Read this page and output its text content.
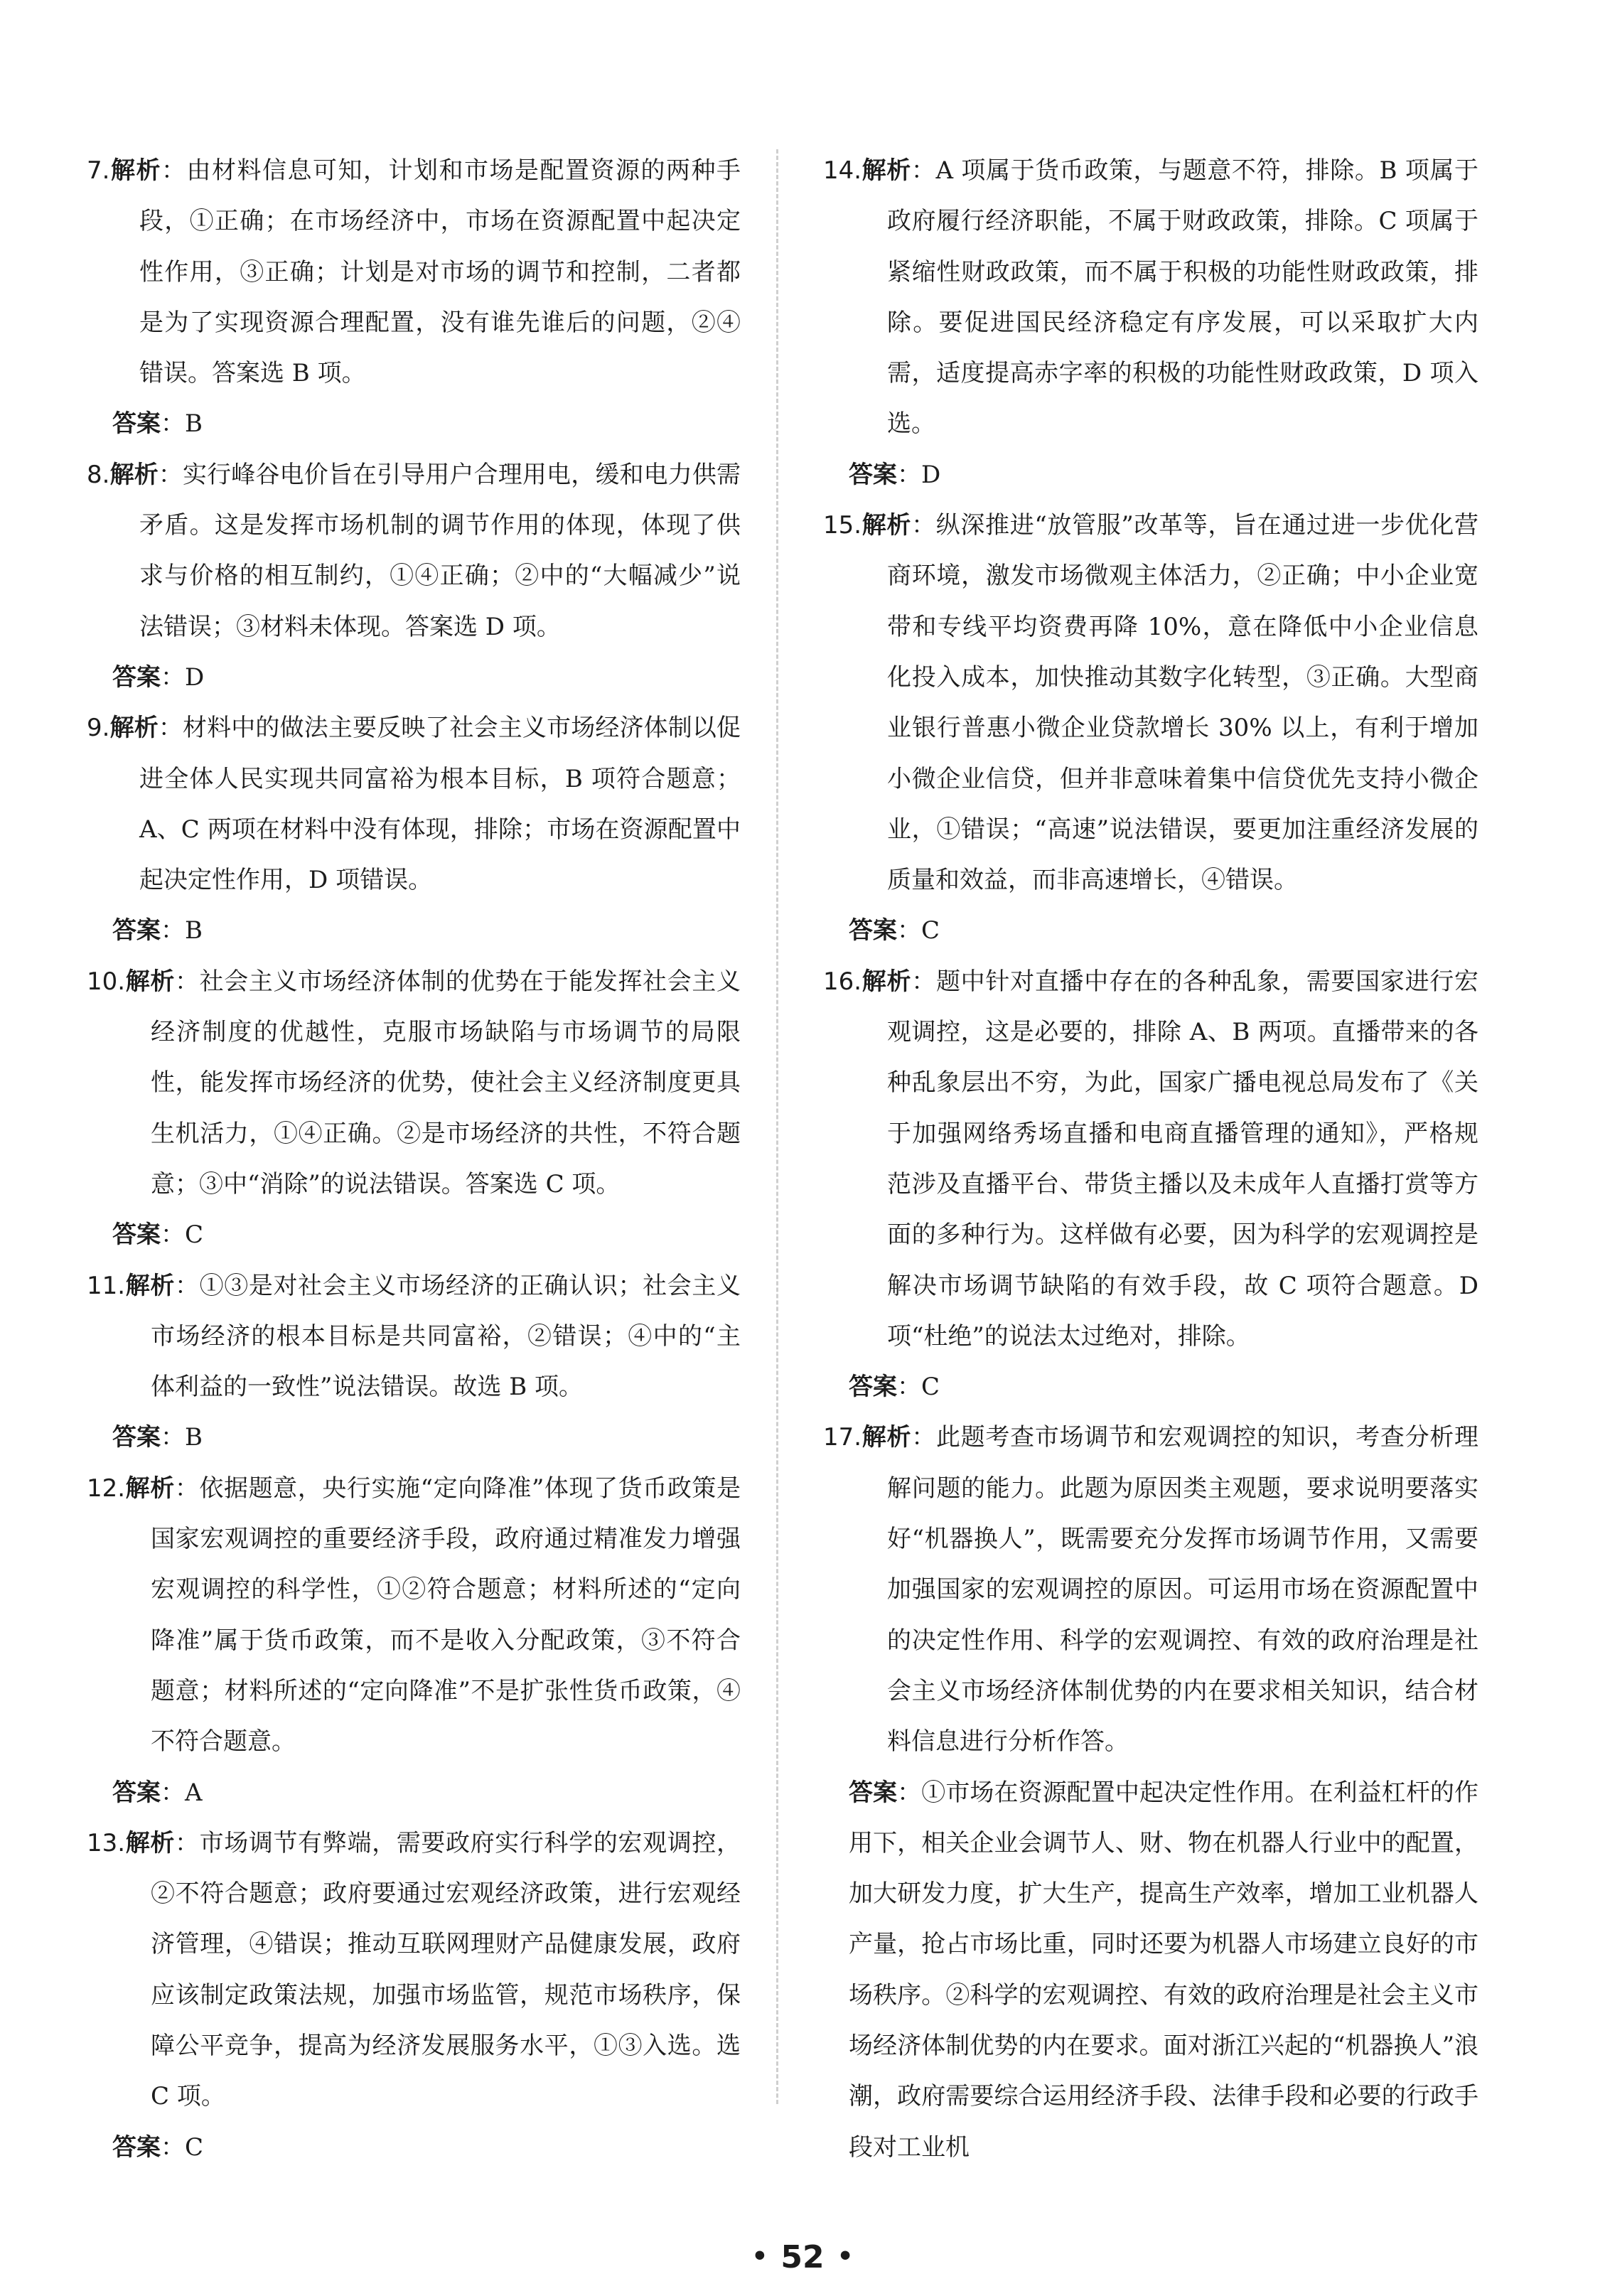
7.解析：由材料信息可知，计划和市场是配置资源的两种手段，①正确；在市场经济中，市场在资源配置中起决定性作用，③正确；计划是对市场的调节和控制，二者都是为了实现资源合理配置，没有谁先谁后的问题，②④错误。答案选 B 项。

答案：B

8.解析：实行峰谷电价旨在引导用户合理用电，缓和电力供需矛盾。这是发挥市场机制的调节作用的体现，体现了供求与价格的相互制约，①④正确；②中的“大幅减少”说法错误；③材料未体现。答案选 D 项。

答案：D

9.解析：材料中的做法主要反映了社会主义市场经济体制以促进全体人民实现共同富裕为根本目标，B 项符合题意；A、C 两项在材料中没有体现，排除；市场在资源配置中起决定性作用，D 项错误。

答案：B

10.解析：社会主义市场经济体制的优势在于能发挥社会主义经济制度的优越性，克服市场缺陷与市场调节的局限性，能发挥市场经济的优势，使社会主义经济制度更具生机活力，①④正确。②是市场经济的共性，不符合题意；③中“消除”的说法错误。答案选 C 项。

答案：C

11.解析：①③是对社会主义市场经济的正确认识；社会主义市场经济的根本目标是共同富裕，②错误；④中的“主体利益的一致性”说法错误。故选 B 项。

答案：B

12.解析：依据题意，央行实施“定向降准”体现了货币政策是国家宏观调控的重要经济手段，政府通过精准发力增强宏观调控的科学性，①②符合题意；材料所述的“定向降准”属于货币政策，而不是收入分配政策，③不符合题意；材料所述的“定向降准”不是扩张性货币政策，④不符合题意。

答案：A

13.解析：市场调节有弊端，需要政府实行科学的宏观调控，②不符合题意；政府要通过宏观经济政策，进行宏观经济管理，④错误；推动互联网理财产品健康发展，政府应该制定政策法规，加强市场监管，规范市场秩序，保障公平竞争，提高为经济发展服务水平，①③入选。选 C 项。

答案：C

14.解析：A 项属于货币政策，与题意不符，排除。B 项属于政府履行经济职能，不属于财政政策，排除。C 项属于紧缩性财政政策，而不属于积极的功能性财政政策，排除。要促进国民经济稳定有序发展，可以采取扩大内需，适度提高赤字率的积极的功能性财政政策，D 项入选。

答案：D

15.解析：纵深推进“放管服”改革等，旨在通过进一步优化营商环境，激发市场微观主体活力，②正确；中小企业宽带和专线平均资费再降 10%，意在降低中小企业信息化投入成本，加快推动其数字化转型，③正确。大型商业银行普惠小微企业贷款增长 30% 以上，有利于增加小微企业信贷，但并非意味着集中信贷优先支持小微企业，①错误；“高速”说法错误，要更加注重经济发展的质量和效益，而非高速增长，④错误。

答案：C

16.解析：题中针对直播中存在的各种乱象，需要国家进行宏观调控，这是必要的，排除 A、B 两项。直播带来的各种乱象层出不穷，为此，国家广播电视总局发布了《关于加强网络秀场直播和电商直播管理的通知》，严格规范涉及直播平台、带货主播以及未成年人直播打赏等方面的多种行为。这样做有必要，因为科学的宏观调控是解决市场调节缺陷的有效手段，故 C 项符合题意。D 项“杜绝”的说法太过绝对，排除。

答案：C

17.解析：此题考查市场调节和宏观调控的知识，考查分析理解问题的能力。此题为原因类主观题，要求说明要落实好“机器换人”，既需要充分发挥市场调节作用，又需要加强国家的宏观调控的原因。可运用市场在资源配置中的决定性作用、科学的宏观调控、有效的政府治理是社会主义市场经济体制优势的内在要求相关知识，结合材料信息进行分析作答。

答案：①市场在资源配置中起决定性作用。在利益杠杆的作用下，相关企业会调节人、财、物在机器人行业中的配置，加大研发力度，扩大生产，提高生产效率，增加工业机器人产量，抢占市场比重，同时还要为机器人市场建立良好的市场秩序。②科学的宏观调控、有效的政府治理是社会主义市场经济体制优势的内在要求。面对浙江兴起的“机器换人”浪潮，政府需要综合运用经济手段、法律手段和必要的行政手段对工业机

• 52 •
